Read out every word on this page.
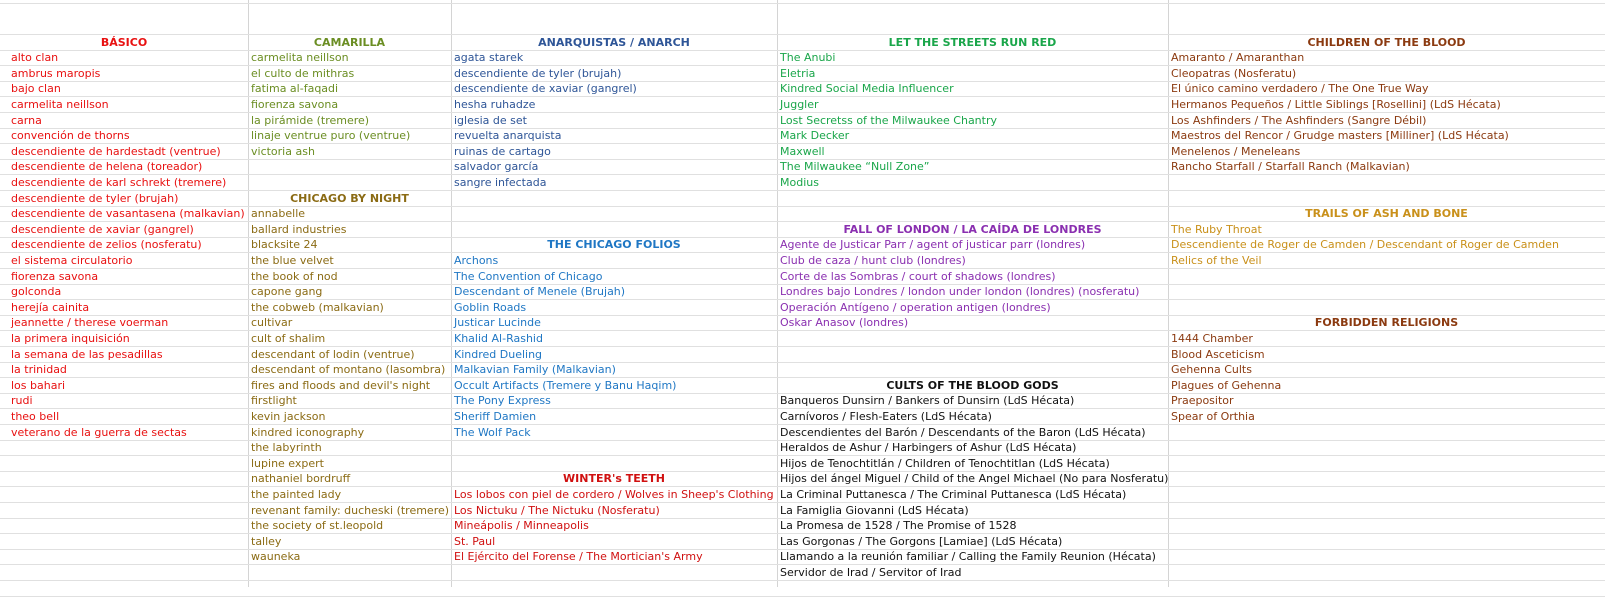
BÁSICO
alto clan
ambrus maropis
bajo clan
carmelita neillson
carna
convención de thorns
descendiente de hardestadt (ventrue)
descendiente de helena (toreador)
descendiente de karl schrekt (tremere)
descendiente de tyler (brujah)
descendiente de vasantasena (malkavian)
descendiente de xaviar (gangrel)
descendiente de zelios (nosferatu)
el sistema circulatorio
fiorenza savona
golconda
herejía cainita
jeannette / therese voerman
la primera inquisición
la semana de las pesadillas
la trinidad
los bahari
rudi
theo bell
veterano de la guerra de sectas
CAMARILLA
carmelita neillson
el culto de mithras
fatima al-faqadi
fiorenza savona
la pirámide (tremere)
linaje ventrue puro (ventrue)
victoria ash
CHICAGO BY NIGHT
annabelle
ballard industries
blacksite 24
the blue velvet
the book of nod
capone gang
the cobweb (malkavian)
cultivar
cult of shalim
descendant of lodin (ventrue)
descendant of montano (lasombra)
fires and floods and devil's night
firstlight
kevin jackson
kindred iconography
the labyrinth
lupine expert
nathaniel bordruff
the painted lady
revenant family: ducheski (tremere)
the society of st.leopold
talley
wauneka
ANARQUISTAS / ANARCH
agata starek
descendiente de tyler (brujah)
descendiente de xaviar (gangrel)
hesha ruhadze
iglesia de set
revuelta anarquista
ruinas de cartago
salvador garcía
sangre infectada
THE CHICAGO FOLIOS
Archons
The Convention of Chicago
Descendant of Menele (Brujah)
Goblin Roads
Justicar Lucinde
Khalid Al-Rashid
Kindred Dueling
Malkavian Family (Malkavian)
Occult Artifacts (Tremere y Banu Haqim)
The Pony Express
Sheriff Damien
The Wolf Pack
WINTER's TEETH
Los lobos con piel de cordero / Wolves in Sheep's Clothing
Los Nictuku / The Nictuku (Nosferatu)
Mineápolis / Minneapolis
St. Paul
El Ejército del Forense / The Mortician's Army
LET THE STREETS RUN RED
The Anubi
Eletria
Kindred Social Media Influencer
Juggler
Lost Secretss of the Milwaukee Chantry
Mark Decker
Maxwell
The Milwaukee “Null Zone”
Modius
FALL OF LONDON / LA CAÍDA DE LONDRES
Agente de Justicar Parr / agent of justicar parr (londres)
Club de caza / hunt club (londres)
Corte de las Sombras / court of shadows (londres)
Londres bajo Londres / london under london (londres) (nosferatu)
Operación Antígeno / operation antigen (londres)
Oskar Anasov (londres)
CULTS OF THE BLOOD GODS
Banqueros Dunsirn / Bankers of Dunsirn (LdS Hécata)
Carnívoros / Flesh-Eaters (LdS Hécata)
Descendientes del Barón / Descendants of the Baron (LdS Hécata)
Heraldos de Ashur / Harbingers of Ashur (LdS Hécata)
Hijos de Tenochtitlán / Children of Tenochtitlan (LdS Hécata)
Hijos del ángel Miguel / Child of the Angel Michael (No para Nosferatu)
La Criminal Puttanesca / The Criminal Puttanesca (LdS Hécata)
La Famiglia Giovanni (LdS Hécata)
La Promesa de 1528 / The Promise of 1528
Las Gorgonas / The Gorgons [Lamiae] (LdS Hécata)
Llamando a la reunión familiar / Calling the Family Reunion (Hécata)
Servidor de Irad / Servitor of Irad
CHILDREN OF THE BLOOD
Amaranto / Amaranthan
Cleopatras (Nosferatu)
El único camino verdadero / The One True Way
Hermanos Pequeños / Little Siblings [Rosellini] (LdS Hécata)
Los Ashfinders / The Ashfinders (Sangre Débil)
Maestros del Rencor / Grudge masters [Milliner] (LdS Hécata)
Menelenos / Meneleans
Rancho Starfall / Starfall Ranch (Malkavian)
TRAILS OF ASH AND BONE
The Ruby Throat
Descendiente de Roger de Camden / Descendant of Roger de Camden
Relics of the Veil
FORBIDDEN RELIGIONS
1444 Chamber
Blood Asceticism
Gehenna Cults
Plagues of Gehenna
Praepositor
Spear of Orthia
